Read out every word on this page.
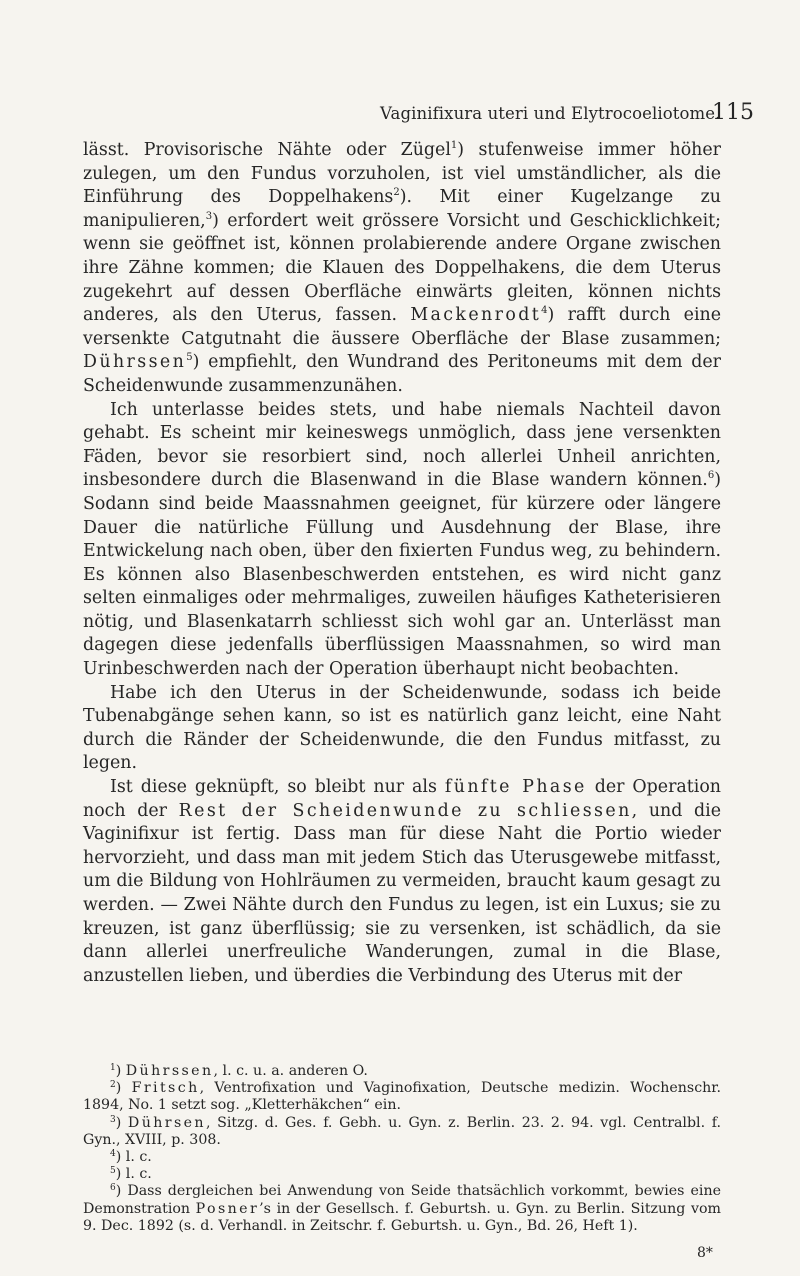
Vaginifixura uteri und Elytrocoeliotome.
115

lässt. Provisorische Nähte oder Zügel$^1$) stufenweise immer höher zulegen, um den Fundus vorzuholen, ist viel umständlicher, als die Einführung des Doppelhakens$^2$). Mit einer Kugelzange zu manipulieren,$^3$) erfordert weit grössere Vorsicht und Geschicklichkeit; wenn sie geöffnet ist, können prolabierende andere Organe zwischen ihre Zähne kommen; die Klauen des Doppelhakens, die dem Uterus zugekehrt auf dessen Oberfläche einwärts gleiten, können nichts anderes, als den Uterus, fassen. Mackenrodt$^4$) rafft durch eine versenkte Catgutnaht die äussere Oberfläche der Blase zusammen; Dührssen$^5$) empfiehlt, den Wundrand des Peritoneums mit dem der Scheidenwunde zusammenzunähen.

Ich unterlasse beides stets, und habe niemals Nachteil davon gehabt. Es scheint mir keineswegs unmöglich, dass jene versenkten Fäden, bevor sie resorbiert sind, noch allerlei Unheil anrichten, insbesondere durch die Blasenwand in die Blase wandern können.$^6$) Sodann sind beide Maassnahmen geeignet, für kürzere oder längere Dauer die natürliche Füllung und Ausdehnung der Blase, ihre Entwickelung nach oben, über den fixierten Fundus weg, zu behindern. Es können also Blasenbeschwerden entstehen, es wird nicht ganz selten einmaliges oder mehrmaliges, zuweilen häufiges Katheterisieren nötig, und Blasenkatarrh schliesst sich wohl gar an. Unterlässt man dagegen diese jedenfalls überflüssigen Maassnahmen, so wird man Urinbeschwerden nach der Operation überhaupt nicht beobachten.

Habe ich den Uterus in der Scheidenwunde, sodass ich beide Tubenabgänge sehen kann, so ist es natürlich ganz leicht, eine Naht durch die Ränder der Scheidenwunde, die den Fundus mitfasst, zu legen.

Ist diese geknüpft, so bleibt nur als fünfte Phase der Operation noch der Rest der Scheidenwunde zu schliessen, und die Vaginifixur ist fertig. Dass man für diese Naht die Portio wieder hervorzieht, und dass man mit jedem Stich das Uterusgewebe mitfasst, um die Bildung von Hohlräumen zu vermeiden, braucht kaum gesagt zu werden. — Zwei Nähte durch den Fundus zu legen, ist ein Luxus; sie zu kreuzen, ist ganz überflüssig; sie zu versenken, ist schädlich, da sie dann allerlei unerfreuliche Wanderungen, zumal in die Blase, anzustellen lieben, und überdies die Verbindung des Uterus mit der

$^1$) Dührssen, l. c. u. a. anderen O.

$^2$) Fritsch, Ventrofixation und Vaginofixation, Deutsche medizin. Wochenschr. 1894, No. 1 setzt sog. „Kletterhäkchen“ ein.

$^3$) Dührsen, Sitzg. d. Ges. f. Gebh. u. Gyn. z. Berlin. 23. 2. 94. vgl. Centralbl. f. Gyn., XVIII, p. 308.

$^4$) l. c.

$^5$) l. c.

$^6$) Dass dergleichen bei Anwendung von Seide thatsächlich vorkommt, bewies eine Demonstration Posner’s in der Gesellsch. f. Geburtsh. u. Gyn. zu Berlin. Sitzung vom 9. Dec. 1892 (s. d. Verhandl. in Zeitschr. f. Geburtsh. u. Gyn., Bd. 26, Heft 1).

8*
